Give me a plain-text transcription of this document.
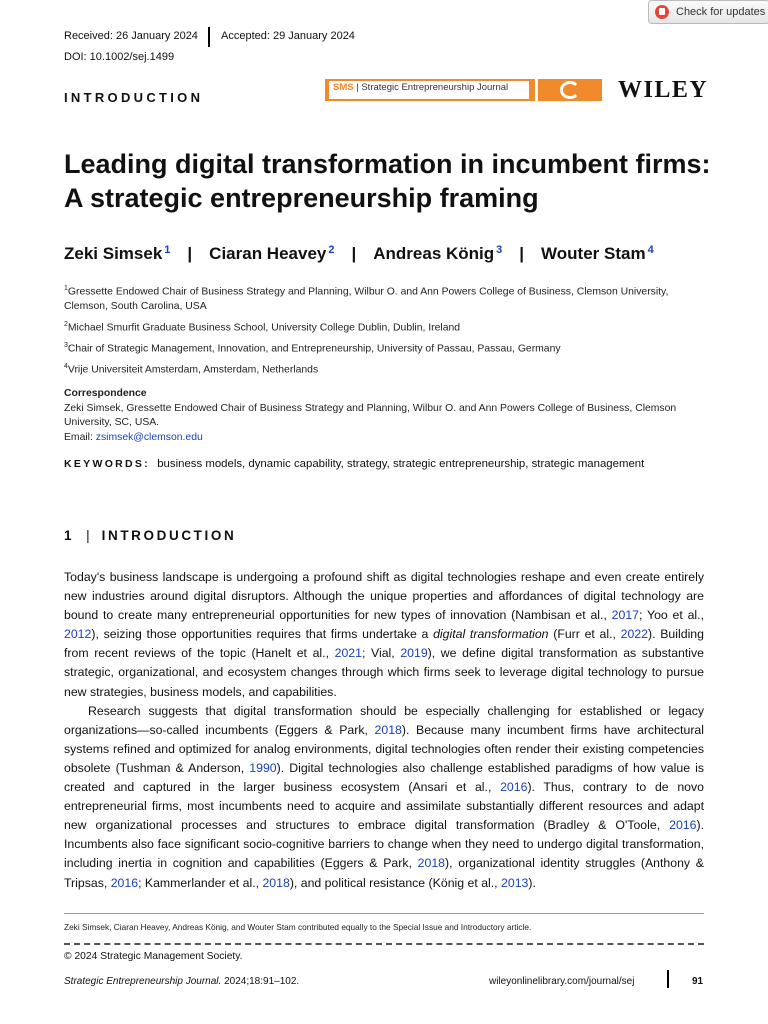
Check for updates
Received: 26 January 2024 Accepted: 29 January 2024
DOI: 10.1002/sej.1499
INTRODUCTION
SMS | Strategic Entrepreneurship Journal	WILEY
Leading digital transformation in incumbent firms:
A strategic entrepreneurship framing
Zeki Simsek $^1$ | Ciaran Heavey $^2$ | Andreas König $^3$ | Wouter Stam $^4$
$^1$Gressette Endowed Chair of Business Strategy and Planning, Wilbur O. and Ann Powers College of Business, Clemson University, Clemson, South Carolina, USA
$^2$Michael Smurfit Graduate Business School, University College Dublin, Dublin, Ireland
$^3$Chair of Strategic Management, Innovation, and Entrepreneurship, University of Passau, Passau, Germany
$^4$Vrije Universiteit Amsterdam, Amsterdam, Netherlands
Correspondence
Zeki Simsek, Gressette Endowed Chair of Business Strategy and Planning, Wilbur O. and Ann Powers College of Business, Clemson University, SC, USA.
Email: zsimsek@clemson.edu
KEYWORDS: business models, dynamic capability, strategy, strategic entrepreneurship, strategic management
1 | INTRODUCTION

Today's business landscape is undergoing a profound shift as digital technologies reshape and even create entirely new industries around digital disruptors. Although the unique properties and affordances of digital technology are bound to create many entrepreneurial opportunities for new types of innovation (Nambisan et al., 2017; Yoo et al., 2012), seizing those opportunities requires that firms undertake a digital transformation (Furr et al., 2022). Building from recent reviews of the topic (Hanelt et al., 2021; Vial, 2019), we define digital transformation as substantive strategic, organizational, and ecosystem changes through which firms seek to leverage digital technology to pursue new strategies, business models, and capabilities.

Research suggests that digital transformation should be especially challenging for established or legacy organizations—so-called incumbents (Eggers & Park, 2018). Because many incumbent firms have architectural systems refined and optimized for analog environments, digital technologies often render their existing competencies obsolete (Tushman & Anderson, 1990). Digital technologies also challenge established paradigms of how value is created and captured in the larger business ecosystem (Ansari et al., 2016). Thus, contrary to de novo entrepreneurial firms, most incumbents need to acquire and assimilate substantially different resources and adapt new organizational processes and structures to embrace digital transformation (Bradley & O'Toole, 2016). Incumbents also face significant socio-cognitive barriers to change when they need to undergo digital transformation, including inertia in cognition and capabilities (Eggers & Park, 2018), organizational identity struggles (Anthony & Tripsas, 2016; Kammerlander et al., 2018), and political resistance (König et al., 2013).

Zeki Simsek, Ciaran Heavey, Andreas König, and Wouter Stam contributed equally to the Special Issue and Introductory article.
© 2024 Strategic Management Society.
Strategic Entrepreneurship Journal. 2024;18:91–102.	wileyonlinelibrary.com/journal/sej	91
